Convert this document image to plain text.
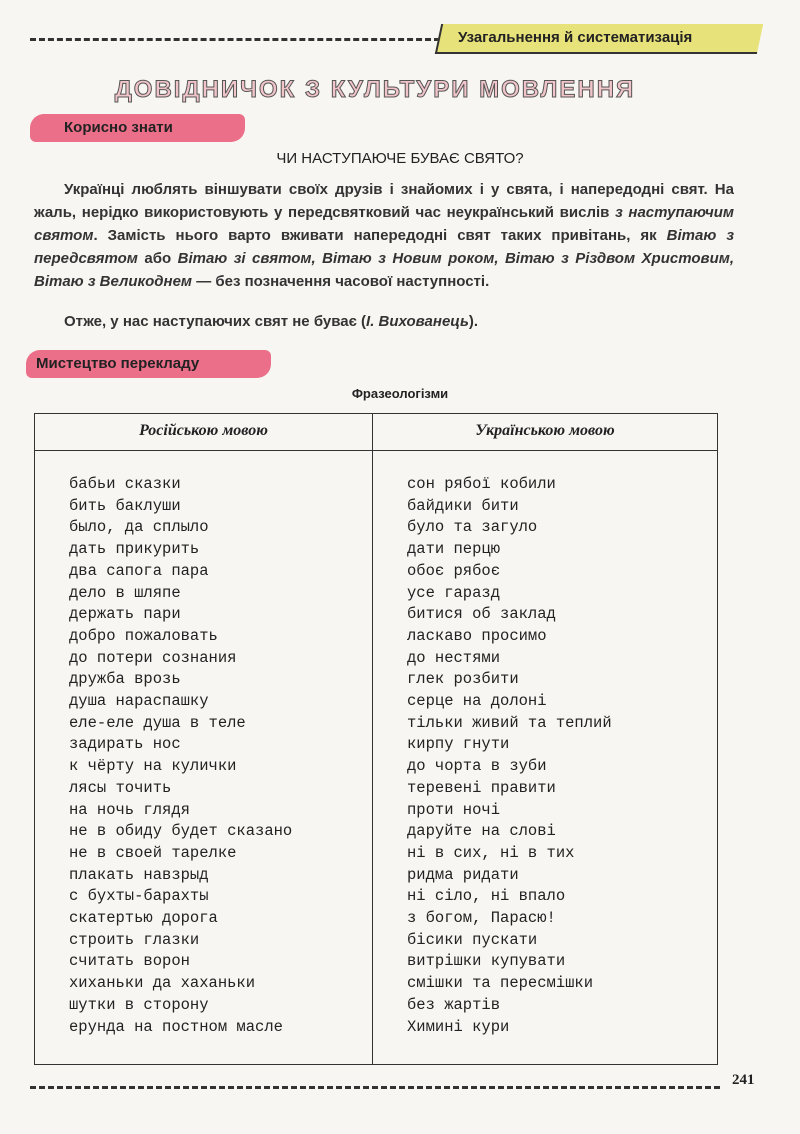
Узагальнення й систематизація
ДОВІДНИЧОК З КУЛЬТУРИ МОВЛЕННЯ
Корисно знати
ЧИ НАСТУПАЮЧЕ БУВАЄ СВЯТО?
Українці люблять віншувати своїх друзів і знайомих і у свята, і напередодні свят. На жаль, нерідко використовують у передсвятковий час неукраїнський вислів з наступаючим святом. Замість нього варто вживати напередодні свят таких привітань, як Вітаю з передсвятом або Вітаю зі святом, Вітаю з Новим роком, Вітаю з Різдвом Христовим, Вітаю з Великоднем — без позначення часової наступності.
Отже, у нас наступаючих свят не буває (І. Вихованець).
Мистецтво перекладу
Фразеологізми
Російською мовою	Українською мовою
бабьи сказки
бить баклуши
было, да сплыло
дать прикурить
два сапога пара
дело в шляпе
держать пари
добро пожаловать
до потери сознания
дружба врозь
душа нараспашку
еле-еле душа в теле
задирать нос
к чёрту на кулички
лясы точить
на ночь глядя
не в обиду будет сказано
не в своей тарелке
плакать навзрыд
с бухты-барахты
скатертью дорога
строить глазки
считать ворон
хиханьки да хаханьки
шутки в сторону
ерунда на постном масле
сон рябої кобили
байдики бити
було та загуло
дати перцю
обоє рябоє
усе гаразд
битися об заклад
ласкаво просимо
до нестями
глек розбити
серце на долоні
тільки живий та теплий
кирпу гнути
до чорта в зуби
теревені правити
проти ночі
даруйте на слові
ні в сих, ні в тих
ридма ридати
ні сіло, ні впало
з богом, Парасю!
бісики пускати
витрішки купувати
смішки та пересмішки
без жартів
Химині кури
241
